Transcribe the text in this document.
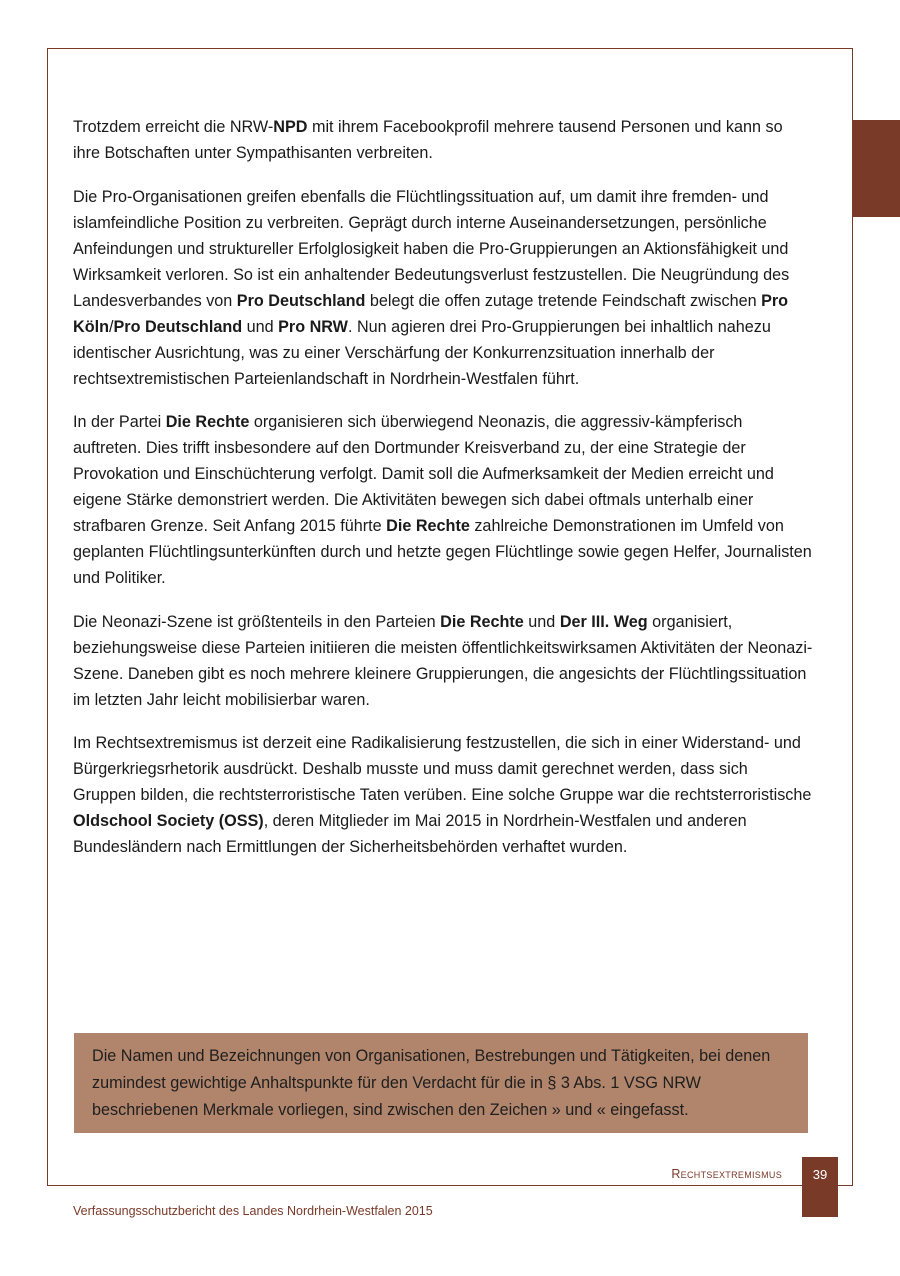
Trotzdem erreicht die NRW-NPD mit ihrem Facebookprofil mehrere tausend Personen und kann so ihre Botschaften unter Sympathisanten verbreiten.

Die Pro-Organisationen greifen ebenfalls die Flüchtlingssituation auf, um damit ihre fremden- und islamfeindliche Position zu verbreiten. Geprägt durch interne Auseinandersetzungen, persönliche Anfeindungen und struktureller Erfolglosigkeit haben die Pro-Gruppierungen an Aktionsfähigkeit und Wirksamkeit verloren. So ist ein anhaltender Bedeutungsverlust festzustellen. Die Neugründung des Landesverbandes von Pro Deutschland belegt die offen zutage tretende Feindschaft zwischen Pro Köln/Pro Deutschland und Pro NRW. Nun agieren drei Pro-Gruppierungen bei inhaltlich nahezu identischer Ausrichtung, was zu einer Verschärfung der Konkurrenzsituation innerhalb der rechtsextremistischen Parteienlandschaft in Nordrhein-Westfalen führt.

In der Partei Die Rechte organisieren sich überwiegend Neonazis, die aggressiv-kämpferisch auftreten. Dies trifft insbesondere auf den Dortmunder Kreisverband zu, der eine Strategie der Provokation und Einschüchterung verfolgt. Damit soll die Aufmerksamkeit der Medien erreicht und eigene Stärke demonstriert werden. Die Aktivitäten bewegen sich dabei oftmals unterhalb einer strafbaren Grenze. Seit Anfang 2015 führte Die Rechte zahlreiche Demonstrationen im Umfeld von geplanten Flüchtlingsunterkünften durch und hetzte gegen Flüchtlinge sowie gegen Helfer, Journalisten und Politiker.

Die Neonazi-Szene ist größtenteils in den Parteien Die Rechte und Der III. Weg organisiert, beziehungsweise diese Parteien initiieren die meisten öffentlichkeitswirksamen Aktivitäten der Neonazi-Szene. Daneben gibt es noch mehrere kleinere Gruppierungen, die angesichts der Flüchtlingssituation im letzten Jahr leicht mobilisierbar waren.

Im Rechtsextremismus ist derzeit eine Radikalisierung festzustellen, die sich in einer Widerstand- und Bürgerkriegsrhetorik ausdrückt. Deshalb musste und muss damit gerechnet werden, dass sich Gruppen bilden, die rechtsterroristische Taten verüben. Eine solche Gruppe war die rechtsterroristische Oldschool Society (OSS), deren Mitglieder im Mai 2015 in Nordrhein-Westfalen und anderen Bundesländern nach Ermittlungen der Sicherheitsbehörden verhaftet wurden.

Die Namen und Bezeichnungen von Organisationen, Bestrebungen und Tätigkeiten, bei denen zumindest gewichtige Anhaltspunkte für den Verdacht für die in § 3 Abs. 1 VSG NRW beschriebenen Merkmale vorliegen, sind zwischen den Zeichen » und « eingefasst.
Rechtsextremismus	39
Verfassungsschutzbericht des Landes Nordrhein-Westfalen 2015
